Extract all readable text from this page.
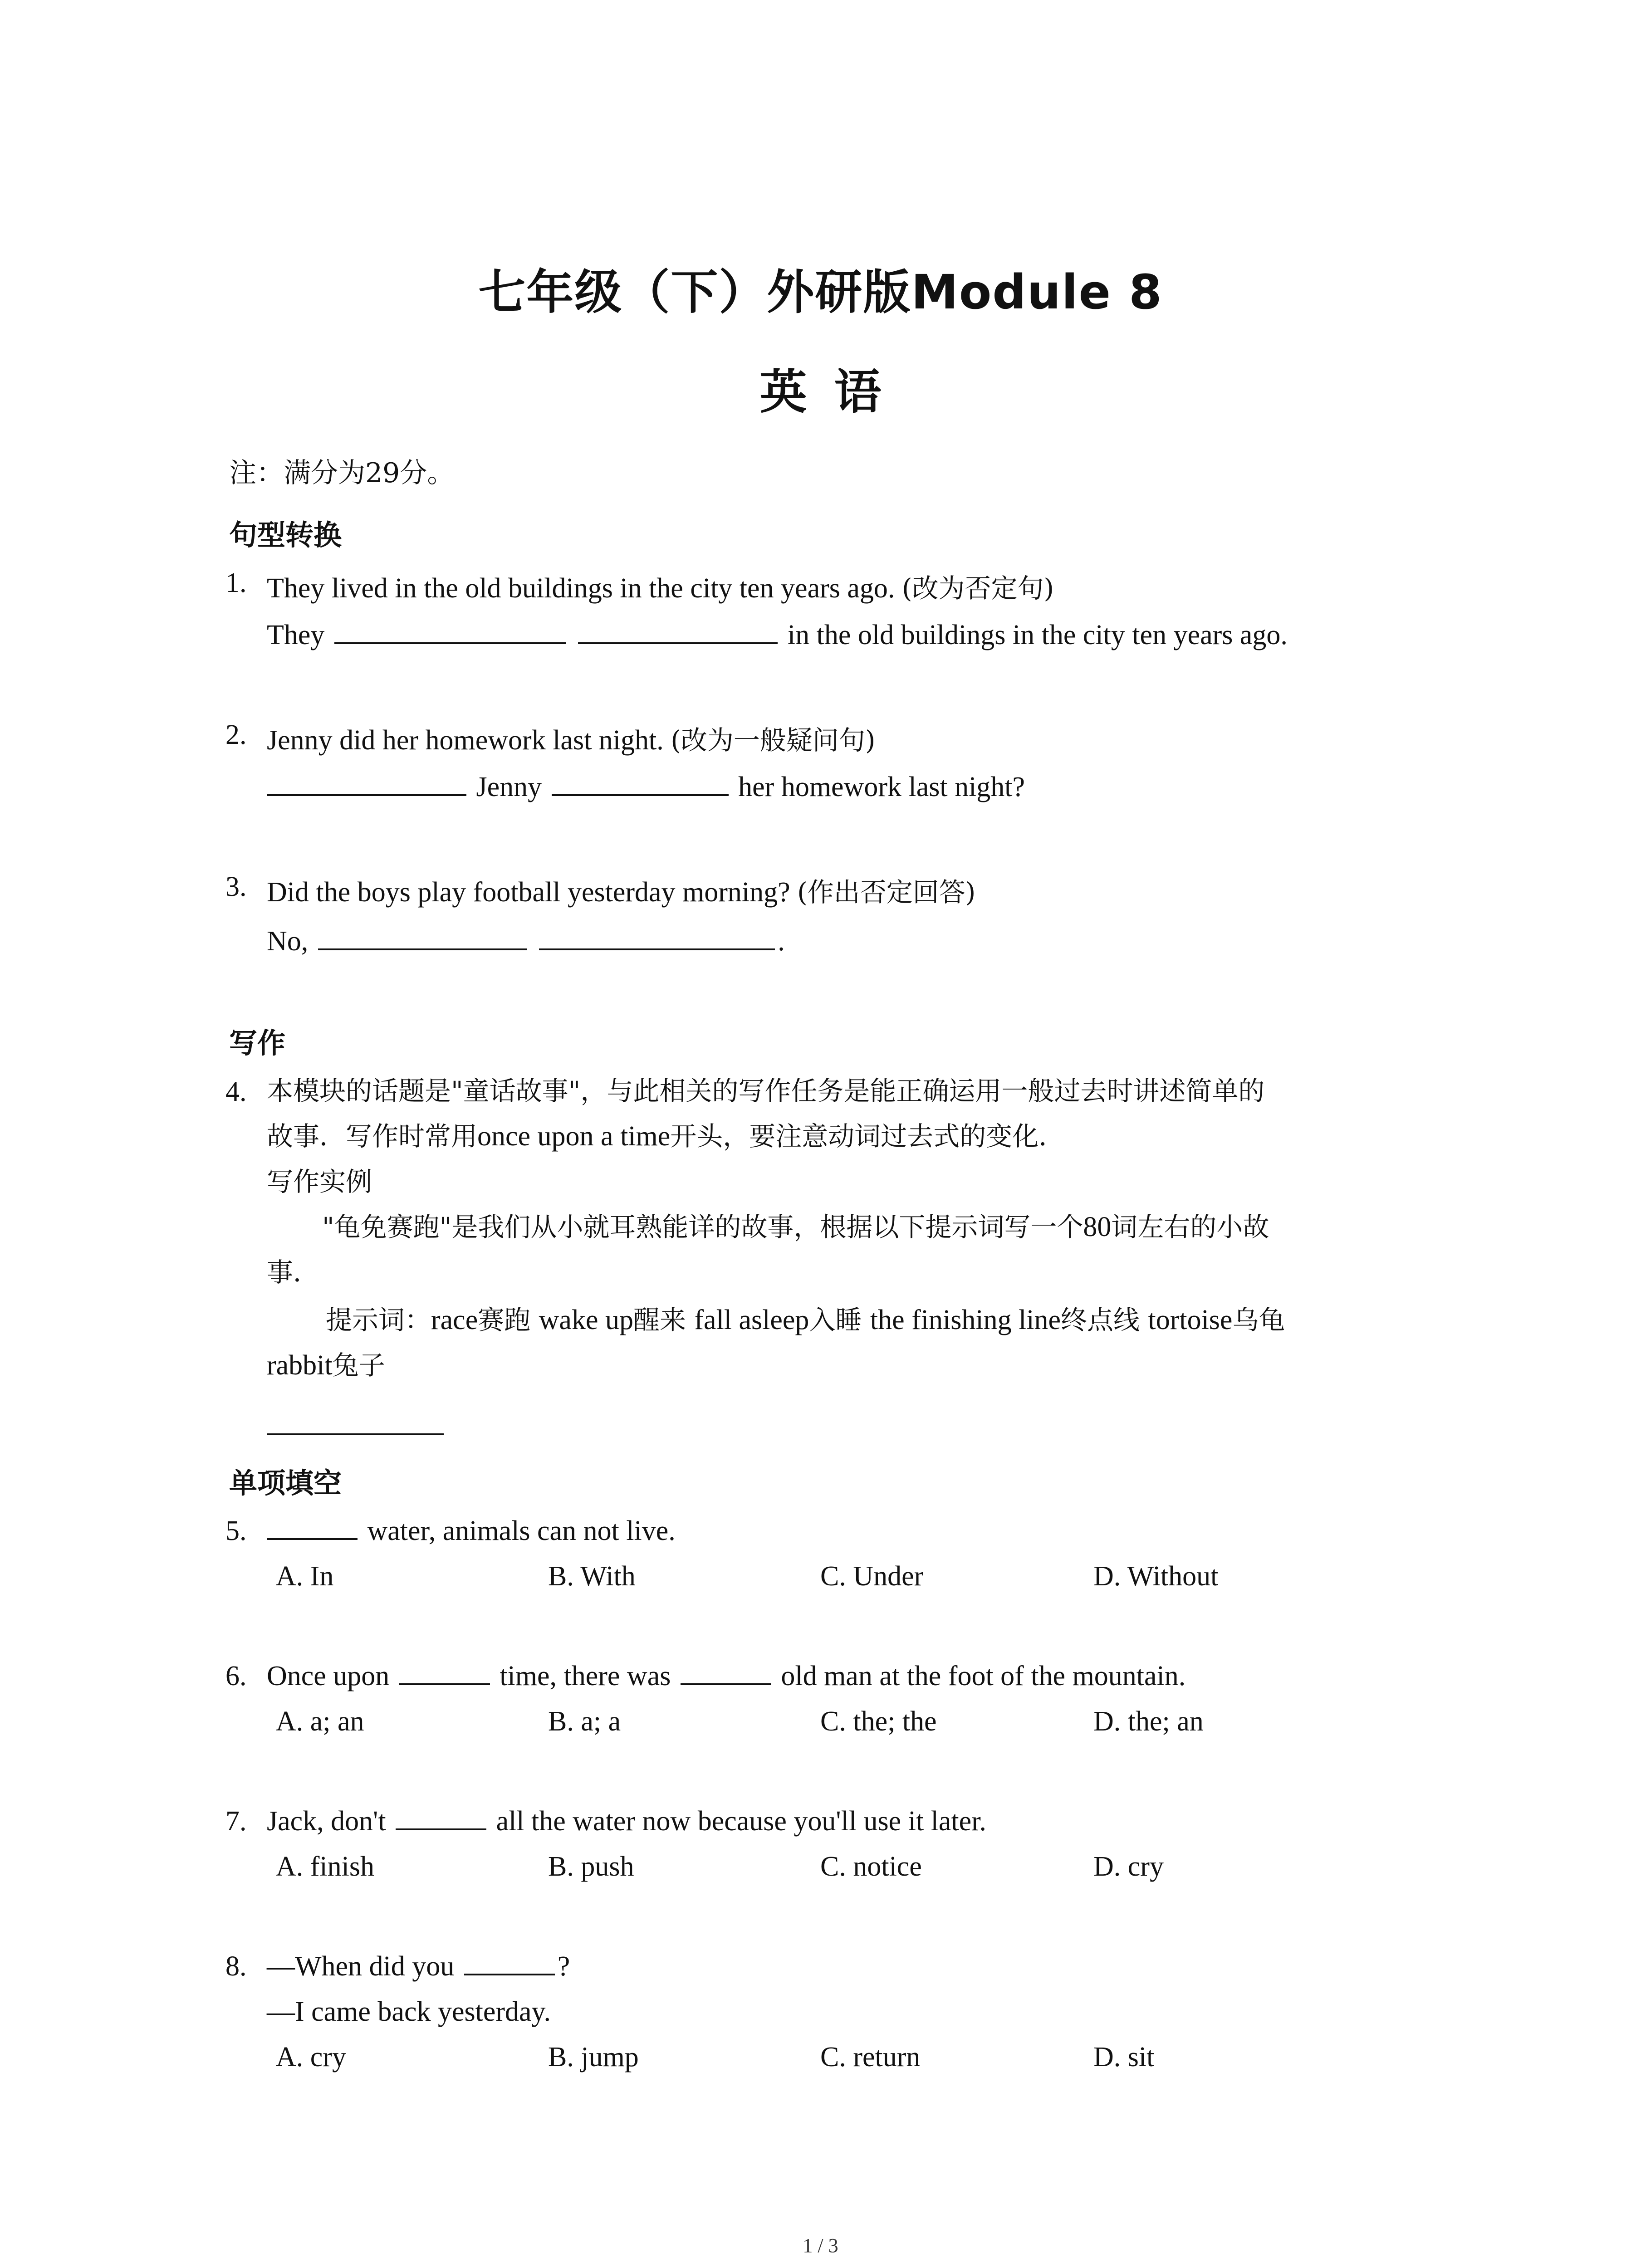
七年级（下）外研版Module 8
英语
注：满分为29分。
句型转换
1. They lived in the old buildings in the city ten years ago. (改为否定句)
They	in the old buildings in the city ten years ago.
2. Jenny did her homework last night. (改为一般疑问句)
Jenny	her homework last night?
3. Did the boys play football yesterday morning? (作出否定回答)
No,	.
写作
4. 本模块的话题是"童话故事"，与此相关的写作任务是能正确运用一般过去时讲述简单的
故事．写作时常用once upon a time开头，要注意动词过去式的变化．
写作实例
"龟免赛跑"是我们从小就耳熟能详的故事，根据以下提示词写一个80词左右的小故
事．
提示词：race赛跑 wake up醒来 fall asleep入睡 the finishing line终点线 tortoise乌龟
rabbit兔子
单项填空
5.	water, animals can not live.
A. In	B. With	C. Under	D. Without
6. Once upon	time, there was	old man at the foot of the mountain.
A. a; an	B. a; a	C. the; the	D. the; an
7. Jack, don't	all the water now because you'll use it later.
A. finish	B. push	C. notice	D. cry
8. —When did you	?
—I came back yesterday.
A. cry	B. jump	C. return	D. sit
1 / 3
